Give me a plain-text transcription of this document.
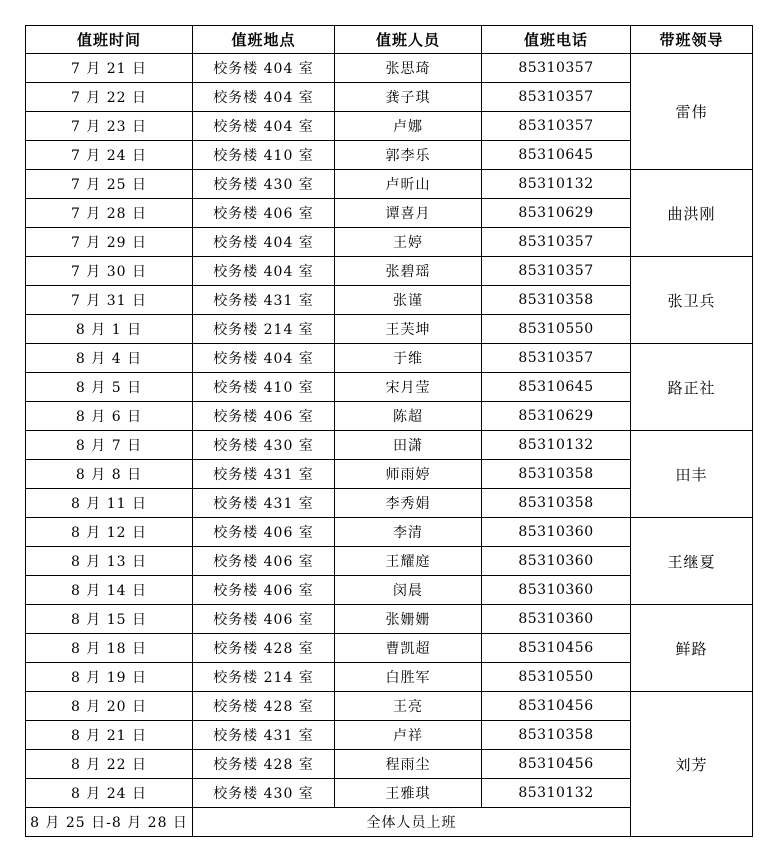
值班时间	值班地点	值班人员	值班电话	带班领导
7 月 21 日	校务楼 404 室	张思琦	85310357	雷伟
7 月 22 日	校务楼 404 室	龚子琪	85310357	
7 月 23 日	校务楼 404 室	卢娜	85310357	
7 月 24 日	校务楼 410 室	郭李乐	85310645	
7 月 25 日	校务楼 430 室	卢昕山	85310132	曲洪刚
7 月 28 日	校务楼 406 室	谭喜月	85310629	
7 月 29 日	校务楼 404 室	王婷	85310357	
7 月 30 日	校务楼 404 室	张碧瑶	85310357	张卫兵
7 月 31 日	校务楼 431 室	张谨	85310358	
8 月 1 日	校务楼 214 室	王芙坤	85310550	
8 月 4 日	校务楼 404 室	于维	85310357	路正社
8 月 5 日	校务楼 410 室	宋月莹	85310645	
8 月 6 日	校务楼 406 室	陈超	85310629	
8 月 7 日	校务楼 430 室	田潇	85310132	田丰
8 月 8 日	校务楼 431 室	师雨婷	85310358	
8 月 11 日	校务楼 431 室	李秀娟	85310358	
8 月 12 日	校务楼 406 室	李清	85310360	王继夏
8 月 13 日	校务楼 406 室	王耀庭	85310360	
8 月 14 日	校务楼 406 室	闵晨	85310360	
8 月 15 日	校务楼 406 室	张姗姗	85310360	鲜路
8 月 18 日	校务楼 428 室	曹凯超	85310456	
8 月 19 日	校务楼 214 室	白胜军	85310550	
8 月 20 日	校务楼 428 室	王亮	85310456	刘芳
8 月 21 日	校务楼 431 室	卢祥	85310358	
8 月 22 日	校务楼 428 室	程雨尘	85310456	
8 月 24 日	校务楼 430 室	王雅琪	85310132	
8 月 25 日-8 月 28 日	全体人员上班			
